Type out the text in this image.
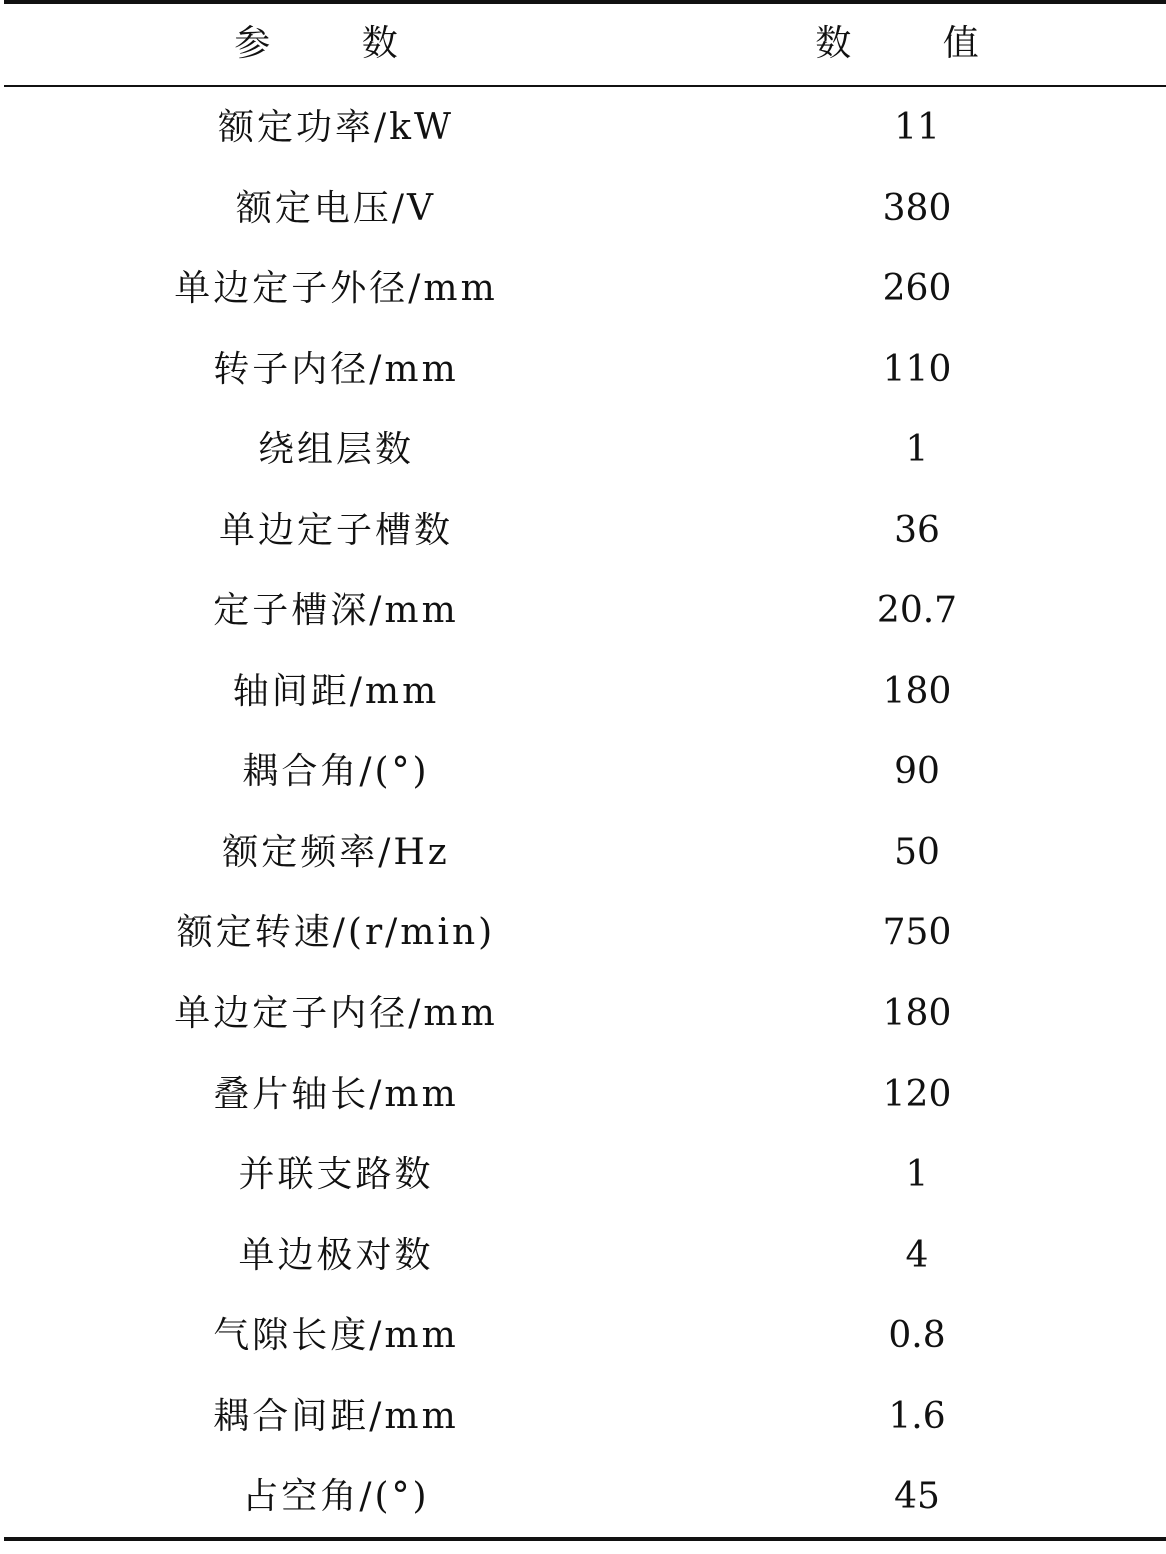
参 数	数 值
额定功率/kW	11
额定电压/V	380
单边定子外径/mm	260
转子内径/mm	110
绕组层数	1
单边定子槽数	36
定子槽深/mm	20.7
轴间距/mm	180
耦合角/(°)	90
额定频率/Hz	50
额定转速/(r/min)	750
单边定子内径/mm	180
叠片轴长/mm	120
并联支路数	1
单边极对数	4
气隙长度/mm	0.8
耦合间距/mm	1.6
占空角/(°)	45
